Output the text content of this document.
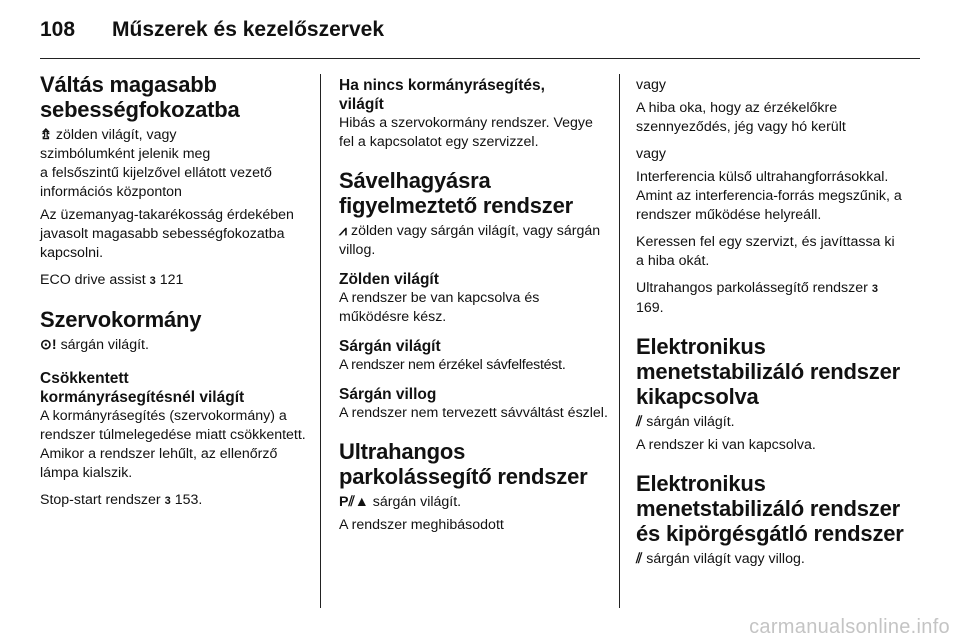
108 Műszerek és kezelőszervek
Váltás magasabb
sebességfokozatba
⇯ zölden világít, vagy
szimbólumként jelenik meg
a felsőszintű kijelzővel ellátott vezető információs központon
Az üzemanyag-takarékosság érdekében javasolt magasabb sebességfokozatba kapcsolni.
ECO drive assist 3 121
Szervokormány
⊙! sárgán világít.
Csökkentett
kormányrásegítésnél világít
A kormányrásegítés (szervokormány) a rendszer túlmelegedése miatt csökkentett. Amikor a rendszer lehűlt, az ellenőrző lámpa kialszik.
Stop-start rendszer 3 153.
Ha nincs kormányrásegítés,
világít
Hibás a szervokormány rendszer. Vegye fel a kapcsolatot egy szervizzel.
Sávelhagyásra
figyelmeztető rendszer
⩘ zölden vagy sárgán világít, vagy sárgán villog.
Zölden világít
A rendszer be van kapcsolva és működésre kész.
Sárgán világít
A rendszer nem érzékel sávfelfestést.
Sárgán villog
A rendszer nem tervezett sávváltást észlel.
Ultrahangos
parkolássegítő rendszer
P⫽▲ sárgán világít.
A rendszer meghibásodott
vagy
A hiba oka, hogy az érzékelőkre szennyeződés, jég vagy hó került
vagy
Interferencia külső ultrahangforrásokkal. Amint az interferencia-forrás megszűnik, a rendszer működése helyreáll.
Keressen fel egy szervizt, és javíttassa ki a hiba okát.
Ultrahangos parkolássegítő rendszer 3 169.
Elektronikus
menetstabilizáló rendszer
kikapcsolva
⫽ sárgán világít.
A rendszer ki van kapcsolva.
Elektronikus
menetstabilizáló rendszer
és kipörgésgátló rendszer
⫽ sárgán világít vagy villog.
carmanualsonline.info
